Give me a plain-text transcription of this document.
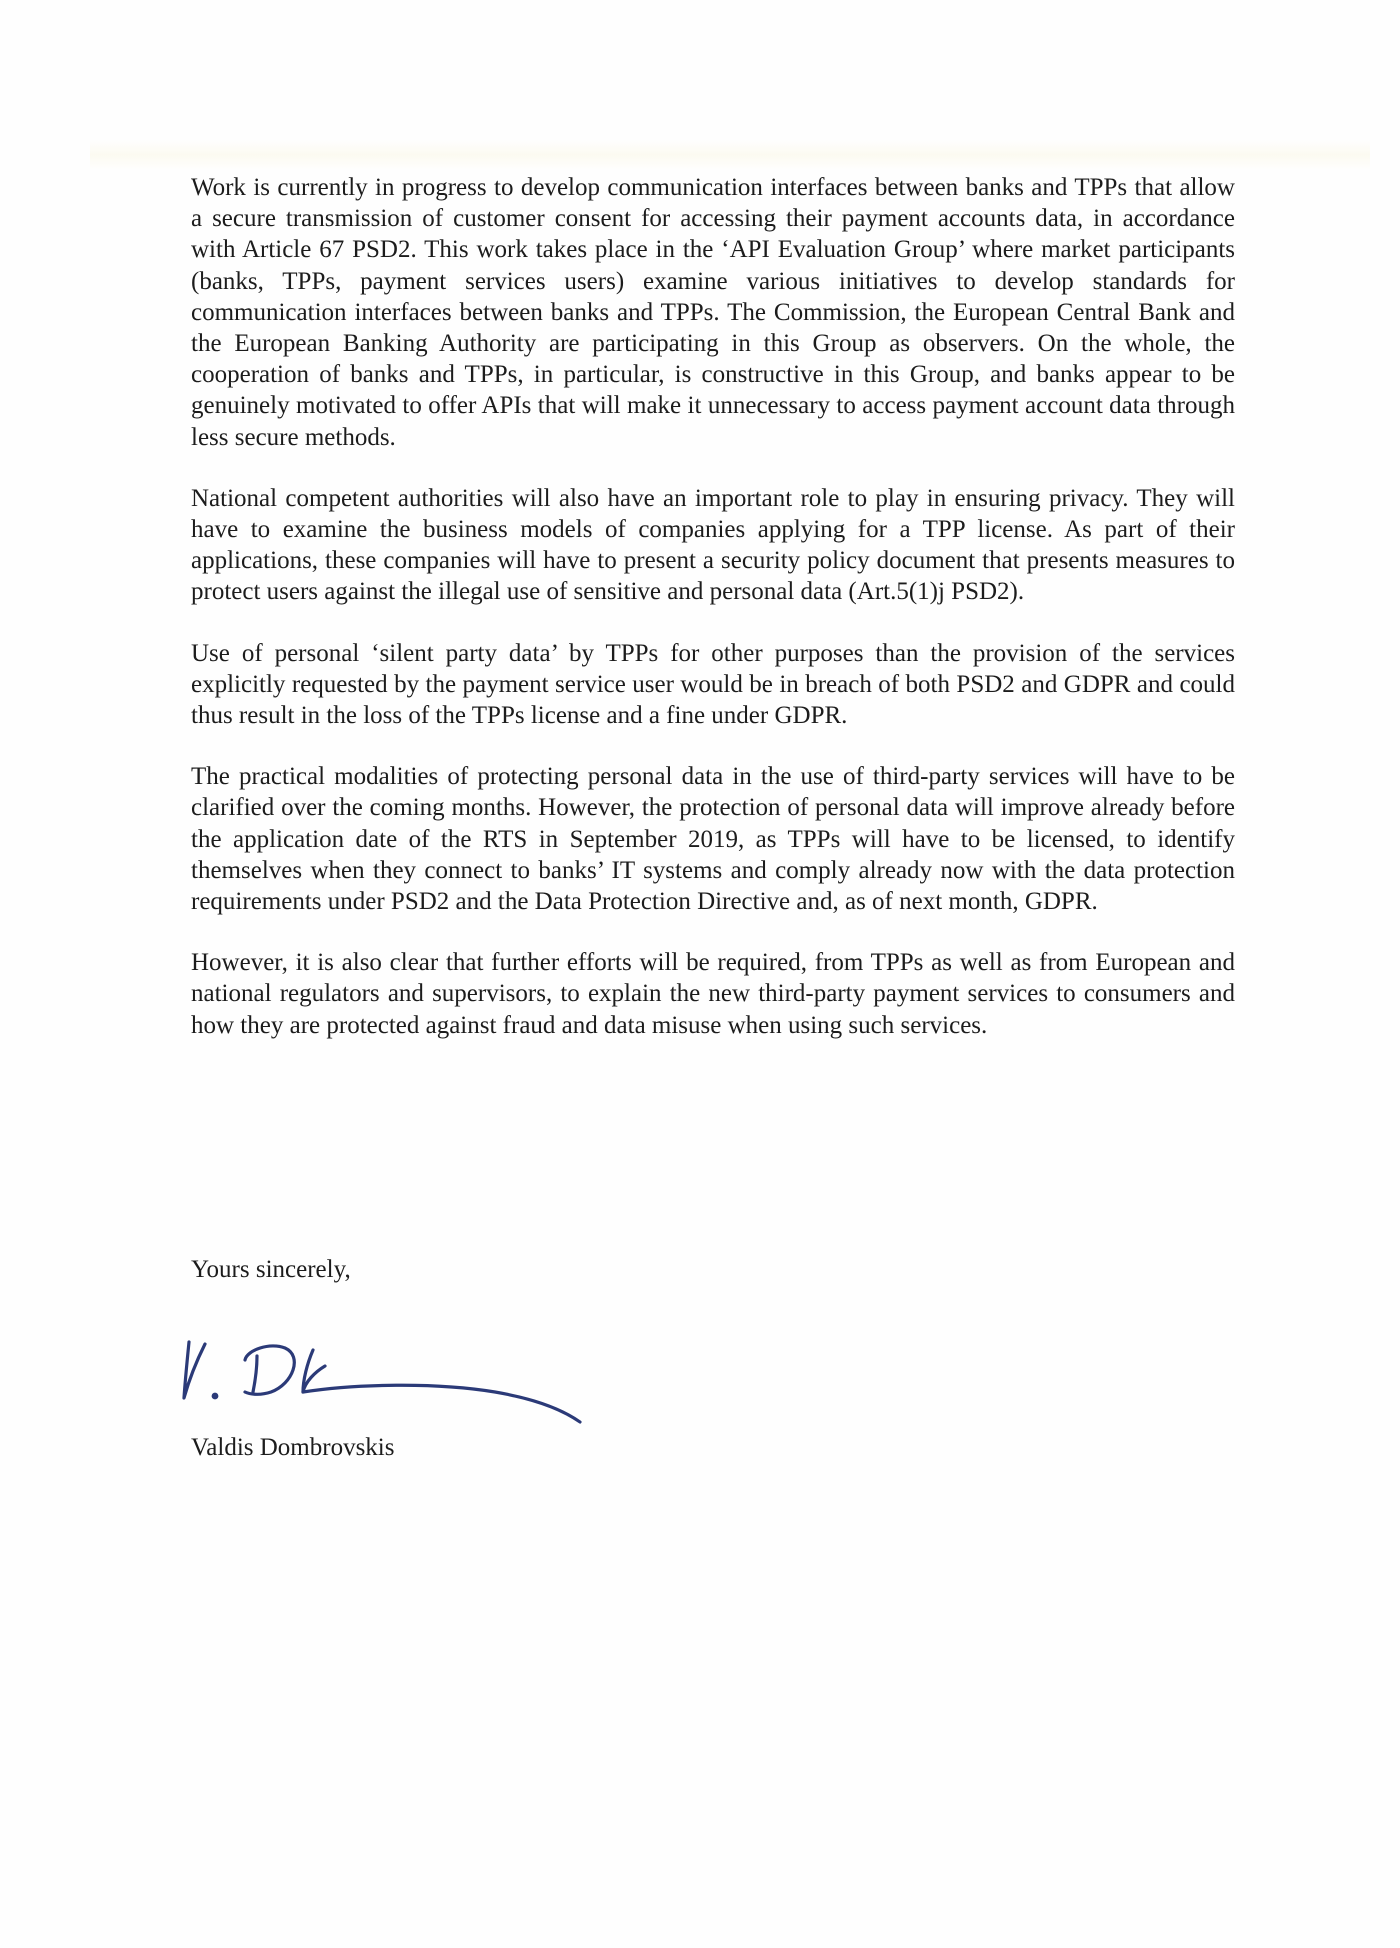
Work is currently in progress to develop communication interfaces between banks and TPPs that allow a secure transmission of customer consent for accessing their payment accounts data, in accordance with Article 67 PSD2. This work takes place in the ‘API Evaluation Group’ where market participants (banks, TPPs, payment services users) examine various initiatives to develop standards for communication interfaces between banks and TPPs. The Commission, the European Central Bank and the European Banking Authority are participating in this Group as observers. On the whole, the cooperation of banks and TPPs, in particular, is constructive in this Group, and banks appear to be genuinely motivated to offer APIs that will make it unnecessary to access payment account data through less secure methods.

National competent authorities will also have an important role to play in ensuring privacy. They will have to examine the business models of companies applying for a TPP license. As part of their applications, these companies will have to present a security policy document that presents measures to protect users against the illegal use of sensitive and personal data (Art.5(1)j PSD2).

Use of personal ‘silent party data’ by TPPs for other purposes than the provision of the services explicitly requested by the payment service user would be in breach of both PSD2 and GDPR and could thus result in the loss of the TPPs license and a fine under GDPR.

The practical modalities of protecting personal data in the use of third-party services will have to be clarified over the coming months. However, the protection of personal data will improve already before the application date of the RTS in September 2019, as TPPs will have to be licensed, to identify themselves when they connect to banks’ IT systems and comply already now with the data protection requirements under PSD2 and the Data Protection Directive and, as of next month, GDPR.

However, it is also clear that further efforts will be required, from TPPs as well as from European and national regulators and supervisors, to explain the new third-party payment services to consumers and how they are protected against fraud and data misuse when using such services.

Yours sincerely,

Valdis Dombrovskis
